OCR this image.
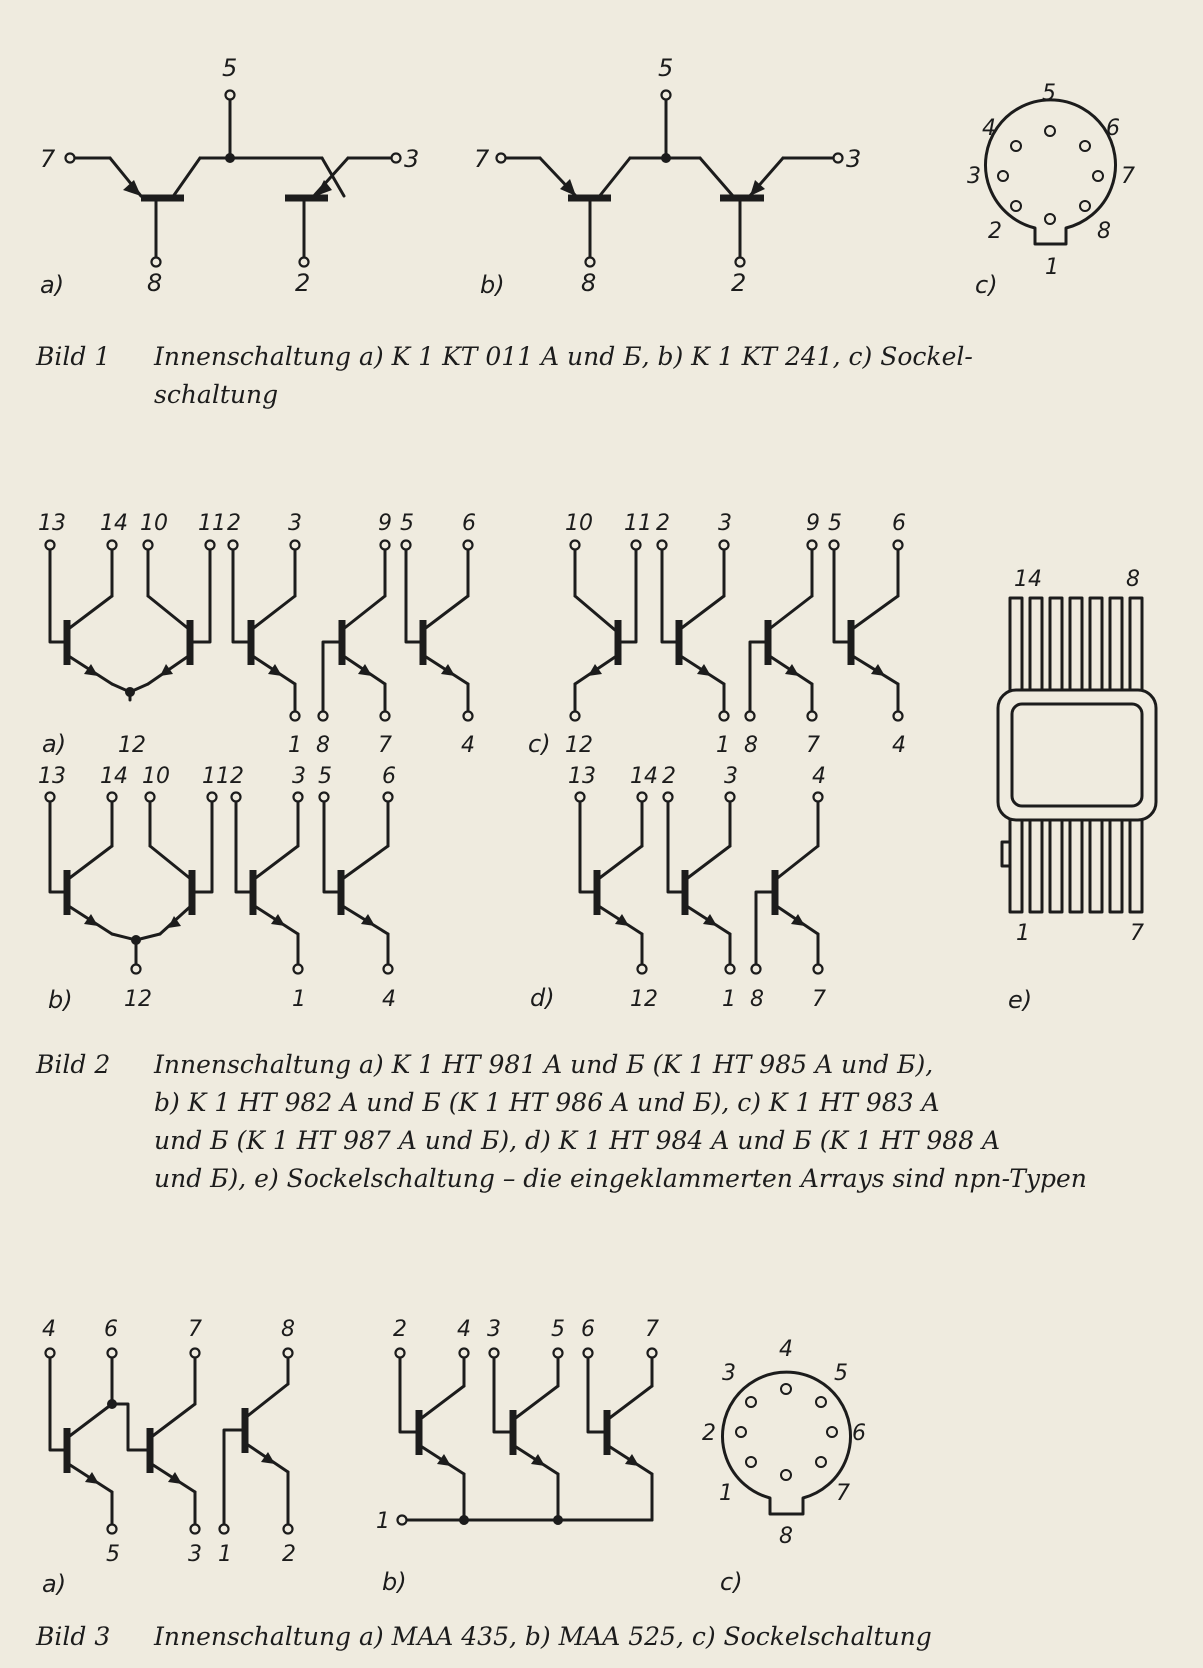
5
7	3
8	2
a)
5
7	3
8	2
b)
5
4	6
3	7
2	8
1
c)
13 14 10 11 2 3	9 5 6
12	1 8 7	4
a)
13 14 10 11 2 3 5 6
12	1	4
b)
10 11 2 3	9 5 6
12	1 8 7	4
c)
13 14 2 3	4
12	1 8 7
d)
14	8
1	7
e)
4 6	7	8
5	3 1 2
a)
2 4 3 5 6 7
1
b)
4
3	5
2	6
1	7
8
c)
Bild 1 Innenschaltung a) K 1 KT 011 A und Б, b) K 1 KT 241, c) Sockel-
schaltung
Bild 2 Innenschaltung a) K 1 HT 981 A und Б (K 1 HT 985 A und Б),
b) K 1 HT 982 A und Б (K 1 HT 986 A und Б), c) K 1 HT 983 A
und Б (K 1 HT 987 A und Б), d) K 1 HT 984 A und Б (K 1 HT 988 A
und Б), e) Sockelschaltung – die eingeklammerten Arrays sind npn-Typen
Bild 3 Innenschaltung a) MAA 435, b) MAA 525, c) Sockelschaltung
